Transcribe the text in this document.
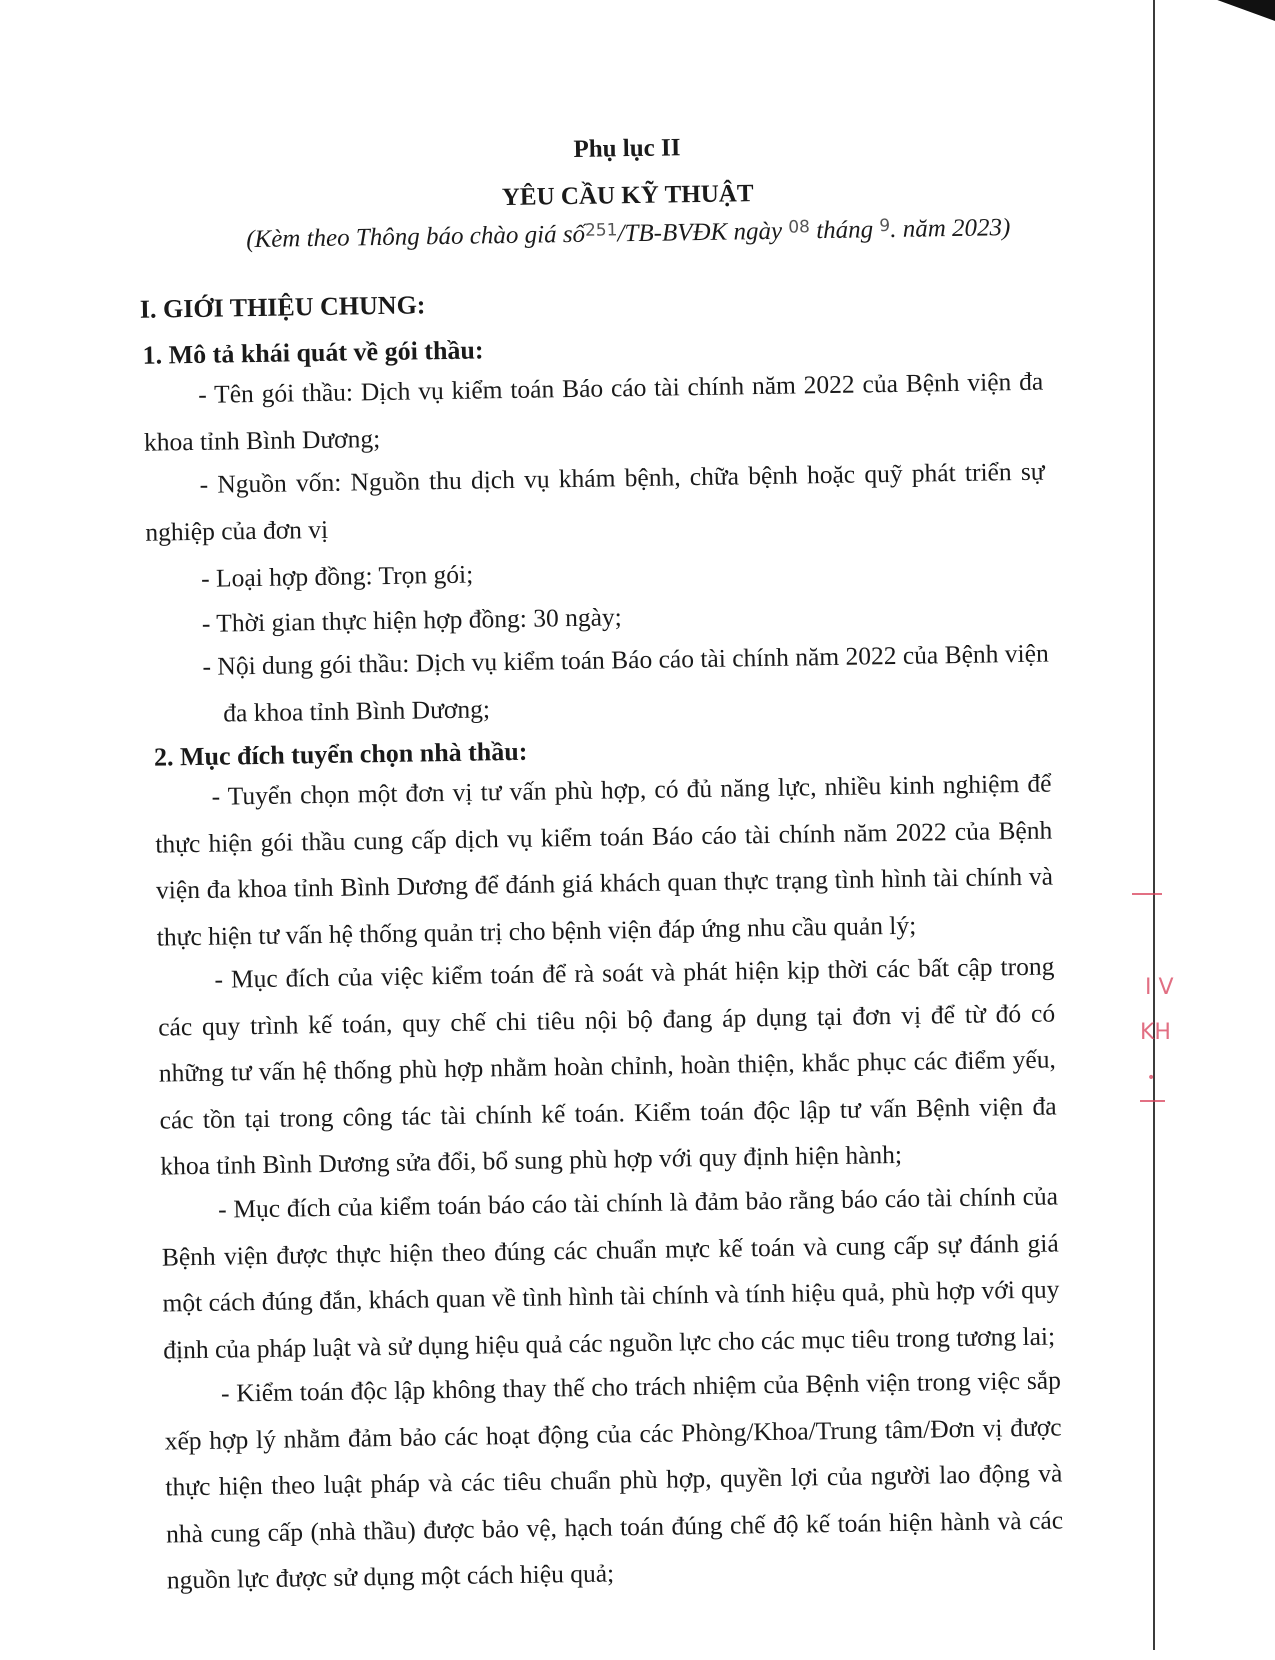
I V
KH
•

Phụ lục II

YÊU CẦU KỸ THUẬT

(Kèm theo Thông báo chào giá số251/TB-BVĐK ngày 08 tháng 9. năm 2023)

I. GIỚI THIỆU CHUNG:

1. Mô tả khái quát về gói thầu:

- Tên gói thầu: Dịch vụ kiểm toán Báo cáo tài chính năm 2022 của Bệnh viện đa khoa tỉnh Bình Dương;

- Nguồn vốn: Nguồn thu dịch vụ khám bệnh, chữa bệnh hoặc quỹ phát triển sự nghiệp của đơn vị

- Loại hợp đồng: Trọn gói;

- Thời gian thực hiện hợp đồng: 30 ngày;

- Nội dung gói thầu: Dịch vụ kiểm toán Báo cáo tài chính năm 2022 của Bệnh viện

đa khoa tỉnh Bình Dương;

2. Mục đích tuyển chọn nhà thầu:

- Tuyển chọn một đơn vị tư vấn phù hợp, có đủ năng lực, nhiều kinh nghiệm để thực hiện gói thầu cung cấp dịch vụ kiểm toán Báo cáo tài chính năm 2022 của Bệnh viện đa khoa tỉnh Bình Dương để đánh giá khách quan thực trạng tình hình tài chính và thực hiện tư vấn hệ thống quản trị cho bệnh viện đáp ứng nhu cầu quản lý;

- Mục đích của việc kiểm toán để rà soát và phát hiện kịp thời các bất cập trong các quy trình kế toán, quy chế chi tiêu nội bộ đang áp dụng tại đơn vị để từ đó có những tư vấn hệ thống phù hợp nhằm hoàn chỉnh, hoàn thiện, khắc phục các điểm yếu, các tồn tại trong công tác tài chính kế toán. Kiểm toán độc lập tư vấn Bệnh viện đa khoa tỉnh Bình Dương sửa đổi, bổ sung phù hợp với quy định hiện hành;

- Mục đích của kiểm toán báo cáo tài chính là đảm bảo rằng báo cáo tài chính của Bệnh viện được thực hiện theo đúng các chuẩn mực kế toán và cung cấp sự đánh giá một cách đúng đắn, khách quan về tình hình tài chính và tính hiệu quả, phù hợp với quy định của pháp luật và sử dụng hiệu quả các nguồn lực cho các mục tiêu trong tương lai;

- Kiểm toán độc lập không thay thế cho trách nhiệm của Bệnh viện trong việc sắp xếp hợp lý nhằm đảm bảo các hoạt động của các Phòng/Khoa/Trung tâm/Đơn vị được thực hiện theo luật pháp và các tiêu chuẩn phù hợp, quyền lợi của người lao động và nhà cung cấp (nhà thầu) được bảo vệ, hạch toán đúng chế độ kế toán hiện hành và các nguồn lực được sử dụng một cách hiệu quả;
